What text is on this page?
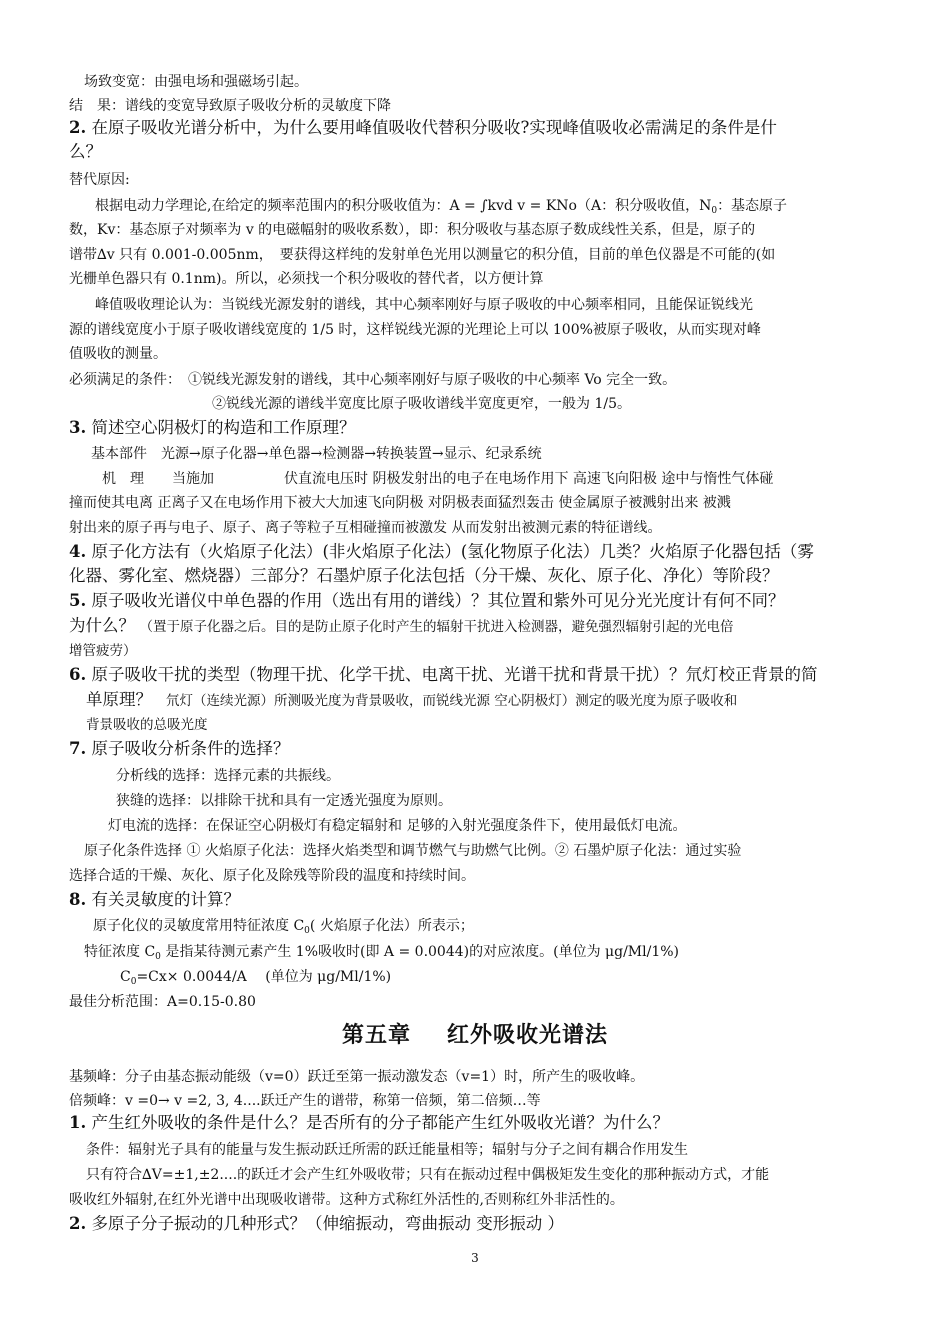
场致变宽：由强电场和强磁场引起。
结　果：谱线的变宽导致原子吸收分析的灵敏度下降
2. 在原子吸收光谱分析中，为什么要用峰值吸收代替积分吸收?实现峰值吸收必需满足的条件是什
么？
替代原因:
根据电动力学理论,在给定的频率范围内的积分吸收值为：A = ∫kvd v = KNo（A：积分吸收值，$N_0$：基态原子
数，Kv：基态原子对频率为 v 的电磁幅射的吸收系数），即：积分吸收与基态原子数成线性关系，但是，原子的
谱带∆v 只有 0.001-0.005nm，　要获得这样纯的发射单色光用以测量它的积分值，目前的单色仪器是不可能的(如
光栅单色器只有 0.1nm)。所以，必须找一个积分吸收的替代者，以方便计算
峰值吸收理论认为：当锐线光源发射的谱线，其中心频率刚好与原子吸收的中心频率相同，且能保证锐线光
源的谱线宽度小于原子吸收谱线宽度的 1/5 时，这样锐线光源的光理论上可以 100%被原子吸收，从而实现对峰
值吸收的测量。
必须满足的条件：　①锐线光源发射的谱线，其中心频率刚好与原子吸收的中心频率 Vo 完全一致。
②锐线光源的谱线半宽度比原子吸收谱线半宽度更窄，一般为 1/5。
3. 简述空心阴极灯的构造和工作原理？
基本部件　光源→原子化器→单色器→检测器→转换装置→显示、纪录系统
机　理　　当施加　　　　　伏直流电压时 阴极发射出的电子在电场作用下 高速飞向阳极 途中与惰性气体碰
撞而使其电离 正离子又在电场作用下被大大加速飞向阴极 对阴极表面猛烈轰击 使金属原子被溅射出来 被溅
射出来的原子再与电子、原子、离子等粒子互相碰撞而被激发 从而发射出被测元素的特征谱线。
4. 原子化方法有（火焰原子化法）(非火焰原子化法）(氢化物原子化法）几类？火焰原子化器包括（雾
化器、雾化室、燃烧器）三部分？石墨炉原子化法包括（分干燥、灰化、原子化、净化）等阶段？
5. 原子吸收光谱仪中单色器的作用（选出有用的谱线）？其位置和紫外可见分光光度计有何不同？
为什么？ （置于原子化器之后。目的是防止原子化时产生的辐射干扰进入检测器，避免强烈辐射引起的光电倍
增管疲劳）
6. 原子吸收干扰的类型（物理干扰、化学干扰、电离干扰、光谱干扰和背景干扰）？氘灯校正背景的简
单原理？　 氘灯（连续光源）所测吸光度为背景吸收，而锐线光源 空心阴极灯）测定的吸光度为原子吸收和
背景吸收的总吸光度
7. 原子吸收分析条件的选择？
分析线的选择：选择元素的共振线。
狭缝的选择：以排除干扰和具有一定透光强度为原则。
灯电流的选择：在保证空心阴极灯有稳定辐射和 足够的入射光强度条件下，使用最低灯电流。
原子化条件选择 ① 火焰原子化法：选择火焰类型和调节燃气与助燃气比例。② 石墨炉原子化法：通过实验
选择合适的干燥、灰化、原子化及除残等阶段的温度和持续时间。
8. 有关灵敏度的计算？
原子化仪的灵敏度常用特征浓度 $C_0$( 火焰原子化法）所表示；
特征浓度 $C_0$ 是指某待测元素产生 1%吸收时(即 A = 0.0044)的对应浓度。(单位为 μg/Ml/1%)
$C_0=Cx\times 0.0044/A$　 (单位为 μg/Ml/1%)
最佳分析范围：A=0.15-0.80
第五章 红外吸收光谱法
基频峰：分子由基态振动能级（v=0）跃迁至第一振动激发态（v=1）时，所产生的吸收峰。
倍频峰：v =0→ v =2, 3, 4....跃迁产生的谱带，称第一倍频，第二倍频…等
1. 产生红外吸收的条件是什么？是否所有的分子都能产生红外吸收光谱？为什么？
条件：辐射光子具有的能量与发生振动跃迁所需的跃迁能量相等；辐射与分子之间有耦合作用发生
只有符合∆V=±1,±2....的跃迁才会产生红外吸收带；只有在振动过程中偶极矩发生变化的那种振动方式，才能
吸收红外辐射,在红外光谱中出现吸收谱带。这种方式称红外活性的,否则称红外非活性的。
2. 多原子分子振动的几种形式？（伸缩振动，弯曲振动 变形振动 ）
3
